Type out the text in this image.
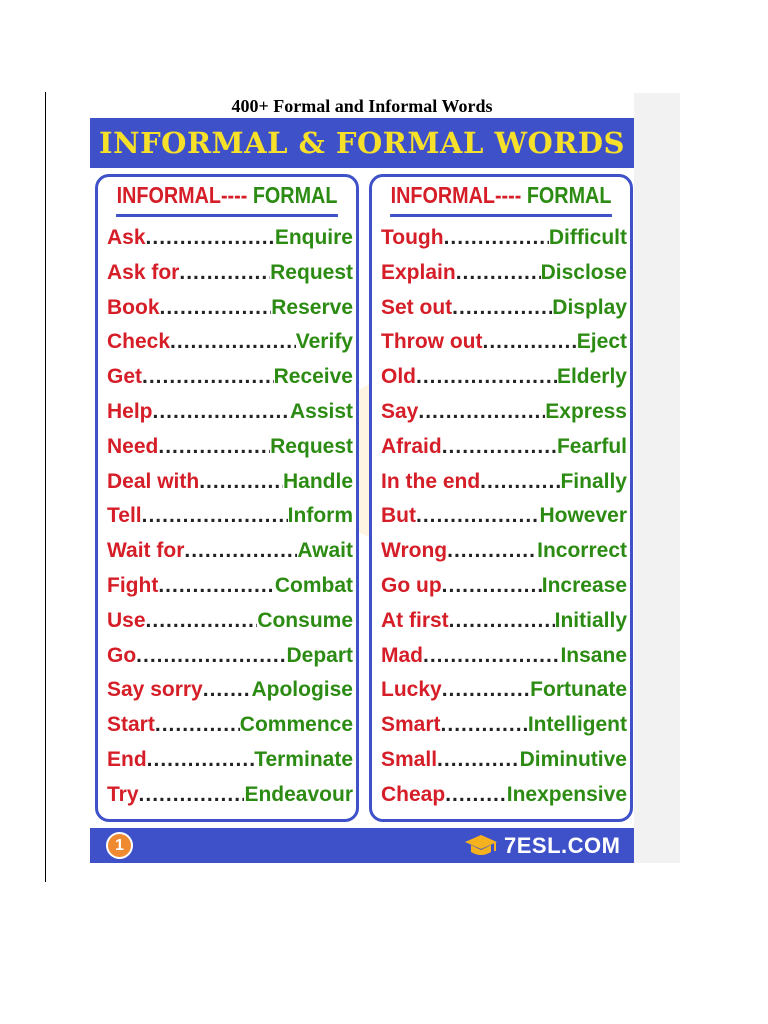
400+ Formal and Informal Words
INFORMAL & FORMAL WORDS
INFORMAL ----
FORMAL
Ask .....	Enquire
Ask for .....	Request
Book .....	Reserve
Check .....	Verify
Get .....	Receive
Help .....	Assist
Need .....	Request
Deal with .....	Handle
Tell .....	Inform
Wait for .....	Await
Fight .....	Combat
Use .....	Consume
Go .....	Depart
Say sorry ..... Apologise
Start .....	Commence
End .....	Terminate
Try .....	Endeavour
INFORMAL ----
FORMAL
Tough .....	Difficult
Explain .....	Disclose
Set out .....	Display
Throw out .....	Eject
Old .....	Elderly
Say .....	Express
Afraid .....	Fearful
In the end .....	Finally
But .....	However
Wrong .....	Incorrect
Go up .....	Increase
At first .....	Initially
Mad .....	Insane
Lucky .....	Fortunate
Smart .....	Intelligent
Small .....	Diminutive
Cheap .....	Inexpensive
1	7ESL.COM
